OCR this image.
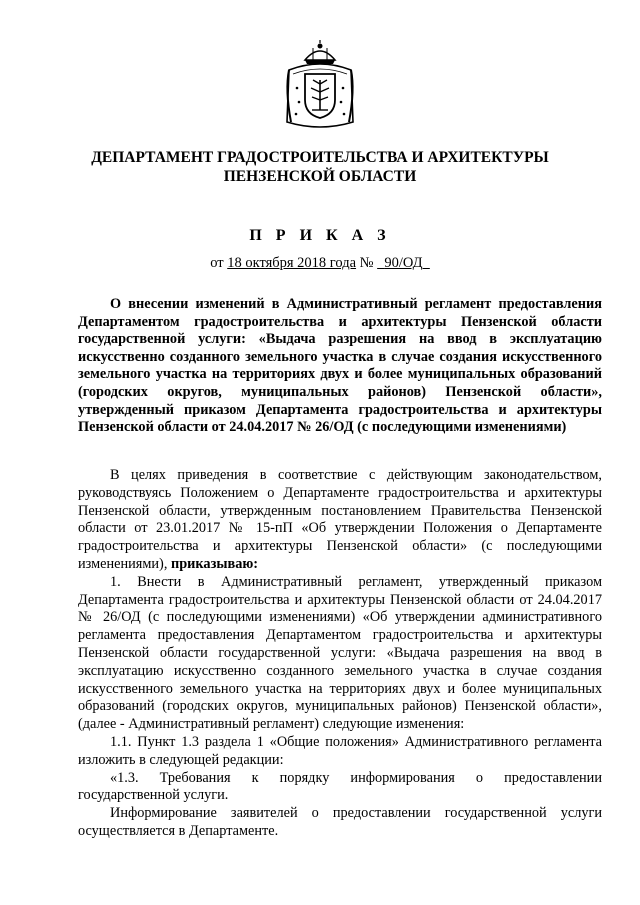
ДЕПАРТАМЕНТ ГРАДОСТРОИТЕЛЬСТВА И АРХИТЕКТУРЫ
ПЕНЗЕНСКОЙ ОБЛАСТИ
П Р И К А З
от 18 октября 2018 года № 90/ОД

О внесении изменений в Административный регламент предоставления Департаментом градостроительства и архитектуры Пензенской области государственной услуги: «Выдача разрешения на ввод в эксплуатацию искусственно созданного земельного участка в случае создания искусственного земельного участка на территориях двух и более муниципальных образований (городских округов, муниципальных районов) Пензенской области», утвержденный приказом Департамента градостроительства и архитектуры Пензенской области от 24.04.2017 № 26/ОД (с последующими изменениями)

В целях приведения в соответствие с действующим законодательством, руководствуясь Положением о Департаменте градостроительства и архитектуры Пензенской области, утвержденным постановлением Правительства Пензенской области от 23.01.2017 № 15-пП «Об утверждении Положения о Департаменте градостроительства и архитектуры Пензенской области» (с последующими изменениями), приказываю:

1. Внести в Административный регламент, утвержденный приказом Департамента градостроительства и архитектуры Пензенской области от 24.04.2017 № 26/ОД (с последующими изменениями) «Об утверждении административного регламента предоставления Департаментом градостроительства и архитектуры Пензенской области государственной услуги: «Выдача разрешения на ввод в эксплуатацию искусственно созданного земельного участка в случае создания искусственного земельного участка на территориях двух и более муниципальных образований (городских округов, муниципальных районов) Пензенской области», (далее - Административный регламент) следующие изменения:

1.1. Пункт 1.3 раздела 1 «Общие положения» Административного регламента изложить в следующей редакции:

«1.3. Требования к порядку информирования о предоставлении государственной услуги.

Информирование заявителей о предоставлении государственной услуги осуществляется в Департаменте.
